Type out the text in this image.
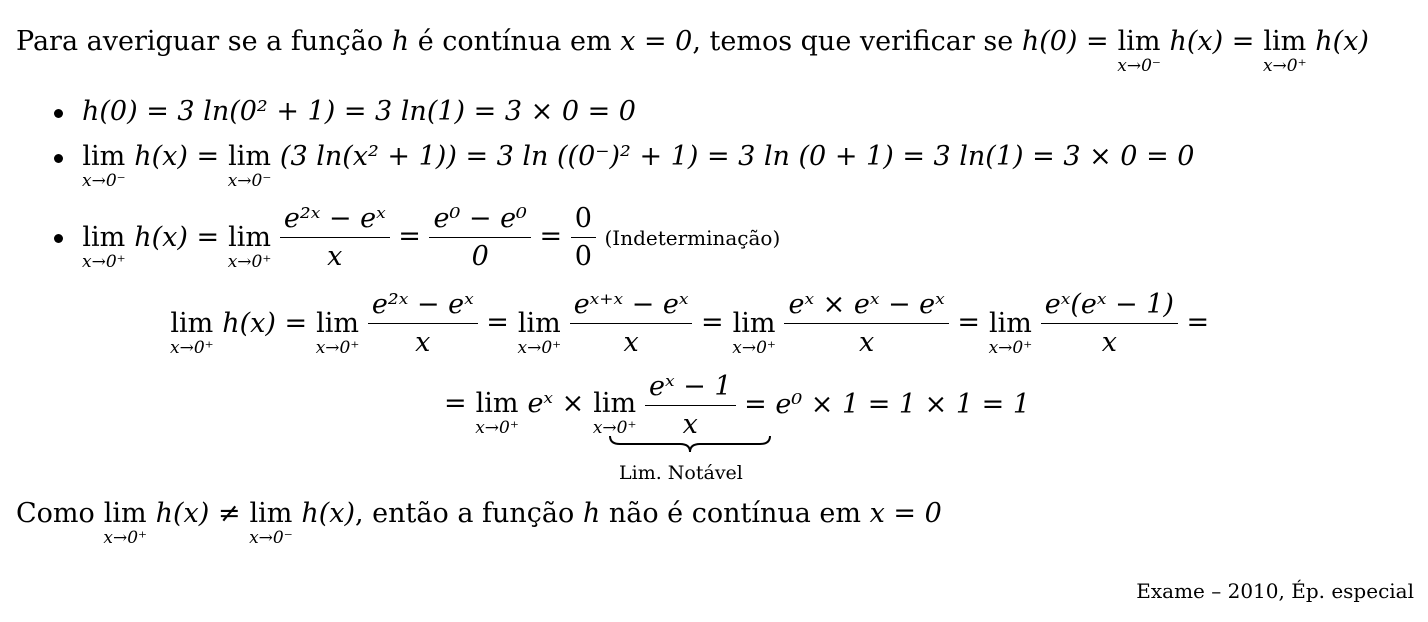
Para averiguar se a função h é contínua em x = 0, temos que verificar se h(0) = lim
x→0⁻
h(x) = lim
x→0⁺
h(x)
h(0) = 3 ln(0² + 1) = 3 ln(1) = 3 × 0 = 0
lim
x→0⁻
h(x) = lim
x→0⁻
(3 ln(x² + 1)) = 3 ln ((0⁻)² + 1) = 3 ln (0 + 1) = 3 ln(1) = 3 × 0 = 0
lim
x→0⁺
h(x) = lim
x→0⁺
$\frac{\text{e²ˣ − eˣ}}{x} = \frac{\text{e⁰ − e⁰}}{0} = \frac{0}{0}$ (Indeterminação)
lim
x→0⁺
h(x) = lim
x→0⁺
$\frac{\text{e²ˣ − eˣ}}{x} = \lim$
x→0⁺
$\frac{\text{eˣ⁺ˣ − eˣ}}{x} = \lim$
x→0⁺
$\frac{\text{eˣ × eˣ − eˣ}}{x} = \lim$
x→0⁺
$\frac{\text{eˣ(eˣ − 1)}}{x}$ =
= lim
x→0⁺
eˣ × lim
x→0⁺
$\frac{\text{eˣ − 1}}{x} = e^0 \times 1 = 1 \times 1 = 1$
Lim. Notável
Como lim
x→0⁺
h(x) ≠ lim
x→0⁻
h(x), então a função h não é contínua em x = 0
Exame – 2010, Ép. especial
